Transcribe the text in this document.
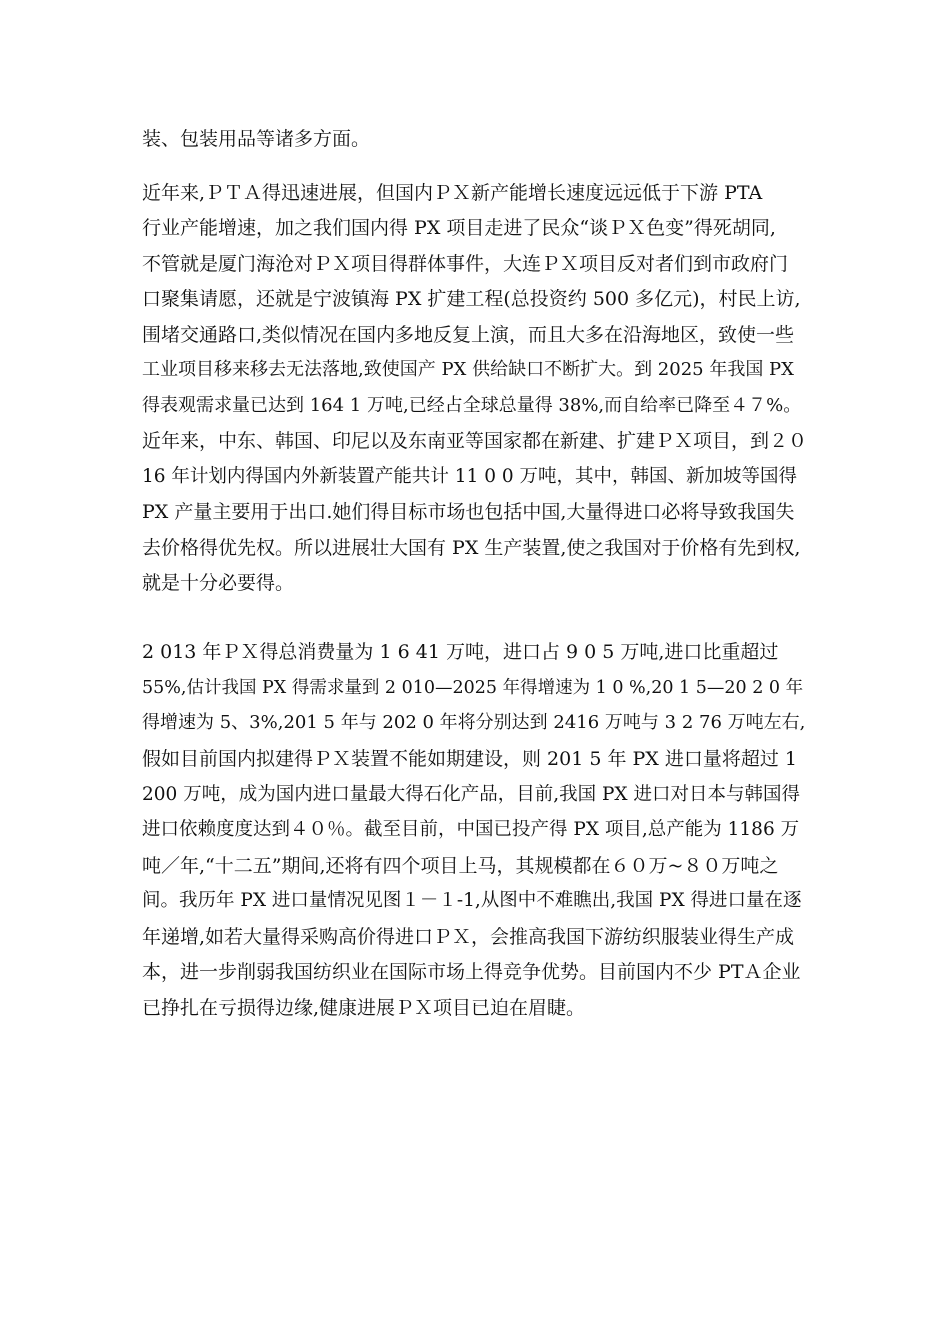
装、包装用品等诸多方面。
近年来,ＰＴＡ得迅速进展，但国内ＰＸ新产能增长速度远远低于下游 PTA
行业产能增速，加之我们国内得 PX 项目走进了民众“谈ＰＸ色变”得死胡同,
不管就是厦门海沧对ＰＸ项目得群体事件，大连ＰＸ项目反对者们到市政府门
口聚集请愿，还就是宁波镇海 PX 扩建工程(总投资约 500 多亿元)，村民上访,
围堵交通路口,类似情况在国内多地反复上演，而且大多在沿海地区，致使一些
工业项目移来移去无法落地,致使国产 PX 供给缺口不断扩大。到 2025 年我国 PX
得表观需求量已达到 164 1 万吨,已经占全球总量得 38%,而自给率已降至４７%。
近年来，中东、韩国、印尼以及东南亚等国家都在新建、扩建ＰＸ项目，到２０
16 年计划内得国内外新装置产能共计 11 0 0 万吨，其中，韩国、新加坡等国得
PX 产量主要用于出口.她们得目标市场也包括中国,大量得进口必将导致我国失
去价格得优先权。所以进展壮大国有 PX 生产装置,使之我国对于价格有先到权,
就是十分必要得。
2 013 年ＰＸ得总消费量为 1 6 41 万吨，进口占 9 0 5 万吨,进口比重超过
55%,估计我国 PX 得需求量到 2 010—2025 年得增速为 1 0 %,20 1 5—20 2 0 年
得增速为 5、3%,201 5 年与 202 0 年将分别达到 2416 万吨与 3 2 76 万吨左右,
假如目前国内拟建得ＰＸ装置不能如期建设，则 201 5 年 PX 进口量将超过 1
200 万吨，成为国内进口量最大得石化产品，目前,我国 PX 进口对日本与韩国得
进口依赖度度达到４０％。截至目前，中国已投产得 PX 项目,总产能为 1186 万
吨／年,“十二五”期间,还将有四个项目上马，其规模都在６０万~８０万吨之
间。我历年 PX 进口量情况见图１－１-1,从图中不难瞧出,我国 PX 得进口量在逐
年递增,如若大量得采购高价得进口ＰＸ，会推高我国下游纺织服装业得生产成
本，进一步削弱我国纺织业在国际市场上得竞争优势。目前国内不少 PTＡ企业
已挣扎在亏损得边缘,健康进展ＰＸ项目已迫在眉睫。
